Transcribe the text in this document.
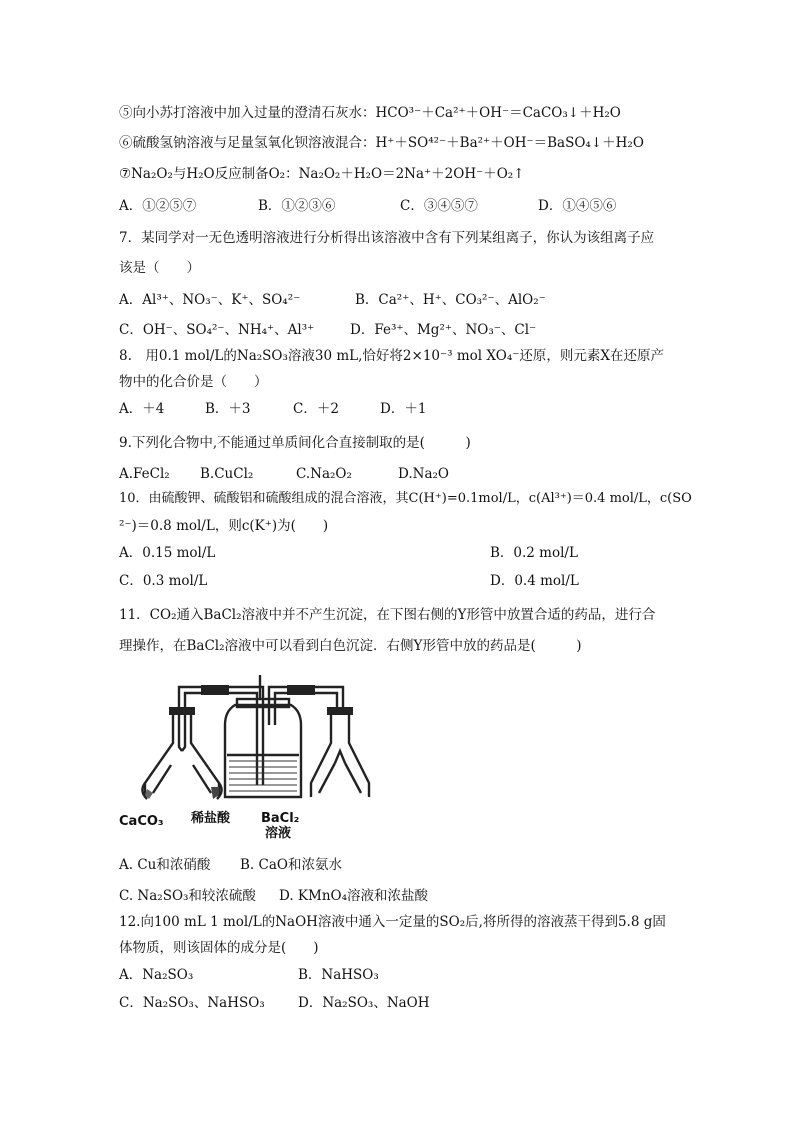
⑤向小苏打溶液中加入过量的澄清石灰水：HCO³⁻＋Ca²⁺＋OH⁻＝CaCO₃↓＋H₂O
⑥硫酸氢钠溶液与足量氢氧化钡溶液混合：H⁺＋SO⁴²⁻＋Ba²⁺＋OH⁻＝BaSO₄↓＋H₂O
⑦Na₂O₂与H₂O反应制备O₂：Na₂O₂＋H₂O＝2Na⁺＋2OH⁻＋O₂↑
A．①②⑤⑦	B．①②③⑥	C．③④⑤⑦	D．①④⑤⑥
7．某同学对一无色透明溶液进行分析得出该溶液中含有下列某组离子，你认为该组离子应
该是（　　）
A．Al³⁺、NO₃⁻、K⁺、SO₄²⁻	B．Ca²⁺、H⁺、CO₃²⁻、AlO₂⁻
C．OH⁻、SO₄²⁻、NH₄⁺、Al³⁺	D．Fe³⁺、Mg²⁺、NO₃⁻、Cl⁻
8.　用0.1 mol/L的Na₂SO₃溶液30 mL,恰好将2×10⁻³ mol XO₄⁻还原，则元素X在还原产
物中的化合价是（　　）
A．＋4	B．＋3	C．＋2	D．＋1
9.下列化合物中,不能通过单质间化合直接制取的是(　　　)
A.FeCl₂ B.CuCl₂	C.Na₂O₂	D.Na₂O
10．由硫酸钾、硫酸铝和硫酸组成的混合溶液，其C(H⁺)=0.1mol/L，c(Al³⁺)＝0.4 mol/L，c(SO
²⁻)＝0.8 mol/L，则c(K⁺)为(　　)
A．0.15 mol/L	B．0.2 mol/L
C．0.3 mol/L	D．0.4 mol/L
11．CO₂通入BaCl₂溶液中并不产生沉淀，在下图右侧的Y形管中放置合适的药品，进行合
理操作，在BaCl₂溶液中可以看到白色沉淀．右侧Y形管中放的药品是(　　　)
CaCO₃ 稀盐酸 BaCl₂
溶液
A. Cu和浓硝酸 B. CaO和浓氨水
C. Na₂SO₃和较浓硫酸 D. KMnO₄溶液和浓盐酸
12.向100 mL 1 mol/L的NaOH溶液中通入一定量的SO₂后,将所得的溶液蒸干得到5.8 g固
体物质，则该固体的成分是(　　)
A．Na₂SO₃	B．NaHSO₃
C．Na₂SO₃、NaHSO₃ D．Na₂SO₃、NaOH
